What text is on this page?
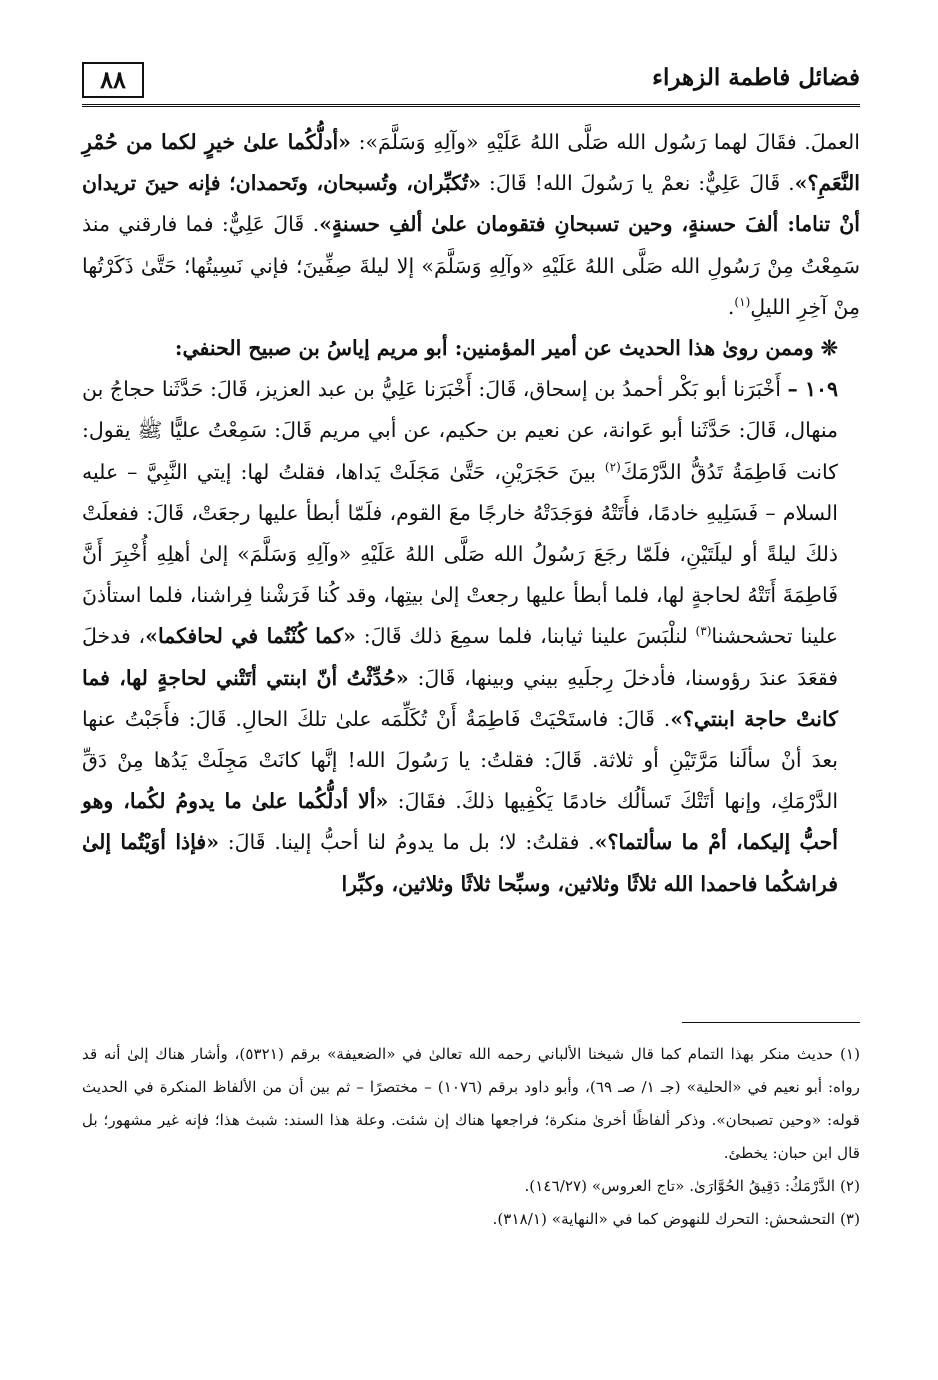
٨٨	فضائل فاطمة الزهراء

العملَ. فقَالَ لهما رَسُول الله صَلَّى اللهُ عَلَيْهِ «وآلِهِ وَسَلَّمَ»: «أدلُّكُما علىٰ خيرٍ لكما من حُمْرِ النَّعَمِ؟». قَالَ عَلِيٌّ: نعمْ يا رَسُولَ الله! قَالَ: «تُكبِّران، وتُسبحان، وتَحمدان؛ فإنه حينَ تريدان أنْ تناما: ألفَ حسنةٍ، وحين تسبحانِ فتقومان علىٰ ألفِ حسنةٍ». قَالَ عَلِيٌّ: فما فارقني منذ سَمِعْتُ مِنْ رَسُولِ الله صَلَّى اللهُ عَلَيْهِ «وآلِهِ وَسَلَّمَ» إلا ليلةَ صِفِّينَ؛ فإني نَسِيتُها؛ حَتَّىٰ ذَكَرْتُها مِنْ آخِرِ الليلِ$^{(١)}$.

❊ وممن روىٰ هذا الحديث عن أمير المؤمنين: أبو مريم إياسُ بن صبيح الحنفي:

١٠٩ – أَخْبَرَنا أبو بَكْر أحمدُ بن إسحاق، قَالَ: أَخْبَرَنا عَلِيُّ بن عبد العزيز، قَالَ: حَدَّثَنا حجاجُ بن منهال، قَالَ: حَدَّثَنا أبو عَوانة، عن نعيم بن حكيم، عن أبي مريم قَالَ: سَمِعْتُ عليًّا ﷺ يقول: كانت فَاطِمَةُ تَدُقُّ الدَّرْمَكَ$^{(٢)}$ بينَ حَجَرَيْنِ، حَتَّىٰ مَجَلَتْ يَداها، فقلتُ لها: إيتي النَّبِيَّ – عليه السلام – فَسَلِيهِ خادمًا، فأَتَتْهُ فوَجَدَتْهُ خارجًا معَ القوم، فلَمّا أبطأ عليها رجعَتْ، قَالَ: ففعلَتْ ذلكَ ليلةً أو ليلَتَيْنِ، فلَمّا رجَعَ رَسُولُ الله صَلَّى اللهُ عَلَيْهِ «وآلِهِ وَسَلَّمَ» إلىٰ أهلِهِ أُخْبِرَ أَنَّ فَاطِمَةَ أَتَتْهُ لحاجةٍ لها، فلما أبطأ عليها رجعتْ إلىٰ بيتِها، وقد كُنا فَرَشْنا فِراشنا، فلما استأذنَ علينا تحشحشنا$^{(٣)}$ لنلْبَسَ علينا ثيابنا، فلما سمِعَ ذلك قَالَ: «كما كُنْتُما في لحافكما»، فدخلَ فقعَدَ عندَ رؤوسنا، فأدخلَ رِجلَيهِ بيني وبينها، قَالَ: «حُدِّثْتُ أنّ ابنتي أتَتْني لحاجةٍ لها، فما كانتْ حاجة ابنتي؟». قَالَ: فاستَحْيَتْ فَاطِمَةُ أَنْ تُكَلِّمَه علىٰ تلكَ الحالِ. قَالَ: فأَجَبْتُ عنها بعدَ أنْ سألَنا مَرَّتَيْنِ أو ثلاثة. قَالَ: فقلتُ: يا رَسُولَ الله! إنَّها كانَتْ مَجِلَتْ يَدُها مِنْ دَقِّ الدَّرْمَكِ، وإنها أتَتْكَ تَسألُك خادمًا يَكْفِيها ذلكَ. فقَالَ: «ألا أدلُّكُما علىٰ ما يدومُ لكُما، وهو أحبُّ إليكما، أمْ ما سألتما؟». فقلتُ: لا؛ بل ما يدومُ لنا أحبُّ إلينا. قَالَ: «فإذا أوَيْتُما إلىٰ فراشكُما فاحمدا الله ثلاثًا وثلاثين، وسبِّحا ثلاثًا وثلاثين، وكبِّرا

(١) حديث منكر بهذا التمام كما قال شيخنا الألباني رحمه الله تعالىٰ في «الضعيفة» برقم (٥٣٢١)، وأشار هناك إلىٰ أنه قد رواه: أبو نعيم في «الحلية» (جـ ١/ صـ ٦٩)، وأبو داود برقم (١٠٧٦) – مختصرًا – ثم بين أن من الألفاظ المنكرة في الحديث قوله: «وحين تصبحان». وذكر ألفاظًا أخرىٰ منكرة؛ فراجعها هناك إن شئت. وعلة هذا السند: شبث هذا؛ فإنه غير مشهور؛ بل قال ابن حبان: يخطئ.

(٢) الدَّرْمَكُ: دَقِيقُ الحُوَّارَىٰ. «تاج العروس» (١٤٦/٢٧).

(٣) التحشحش: التحرك للنهوض كما في «النهاية» (٣١٨/١).
